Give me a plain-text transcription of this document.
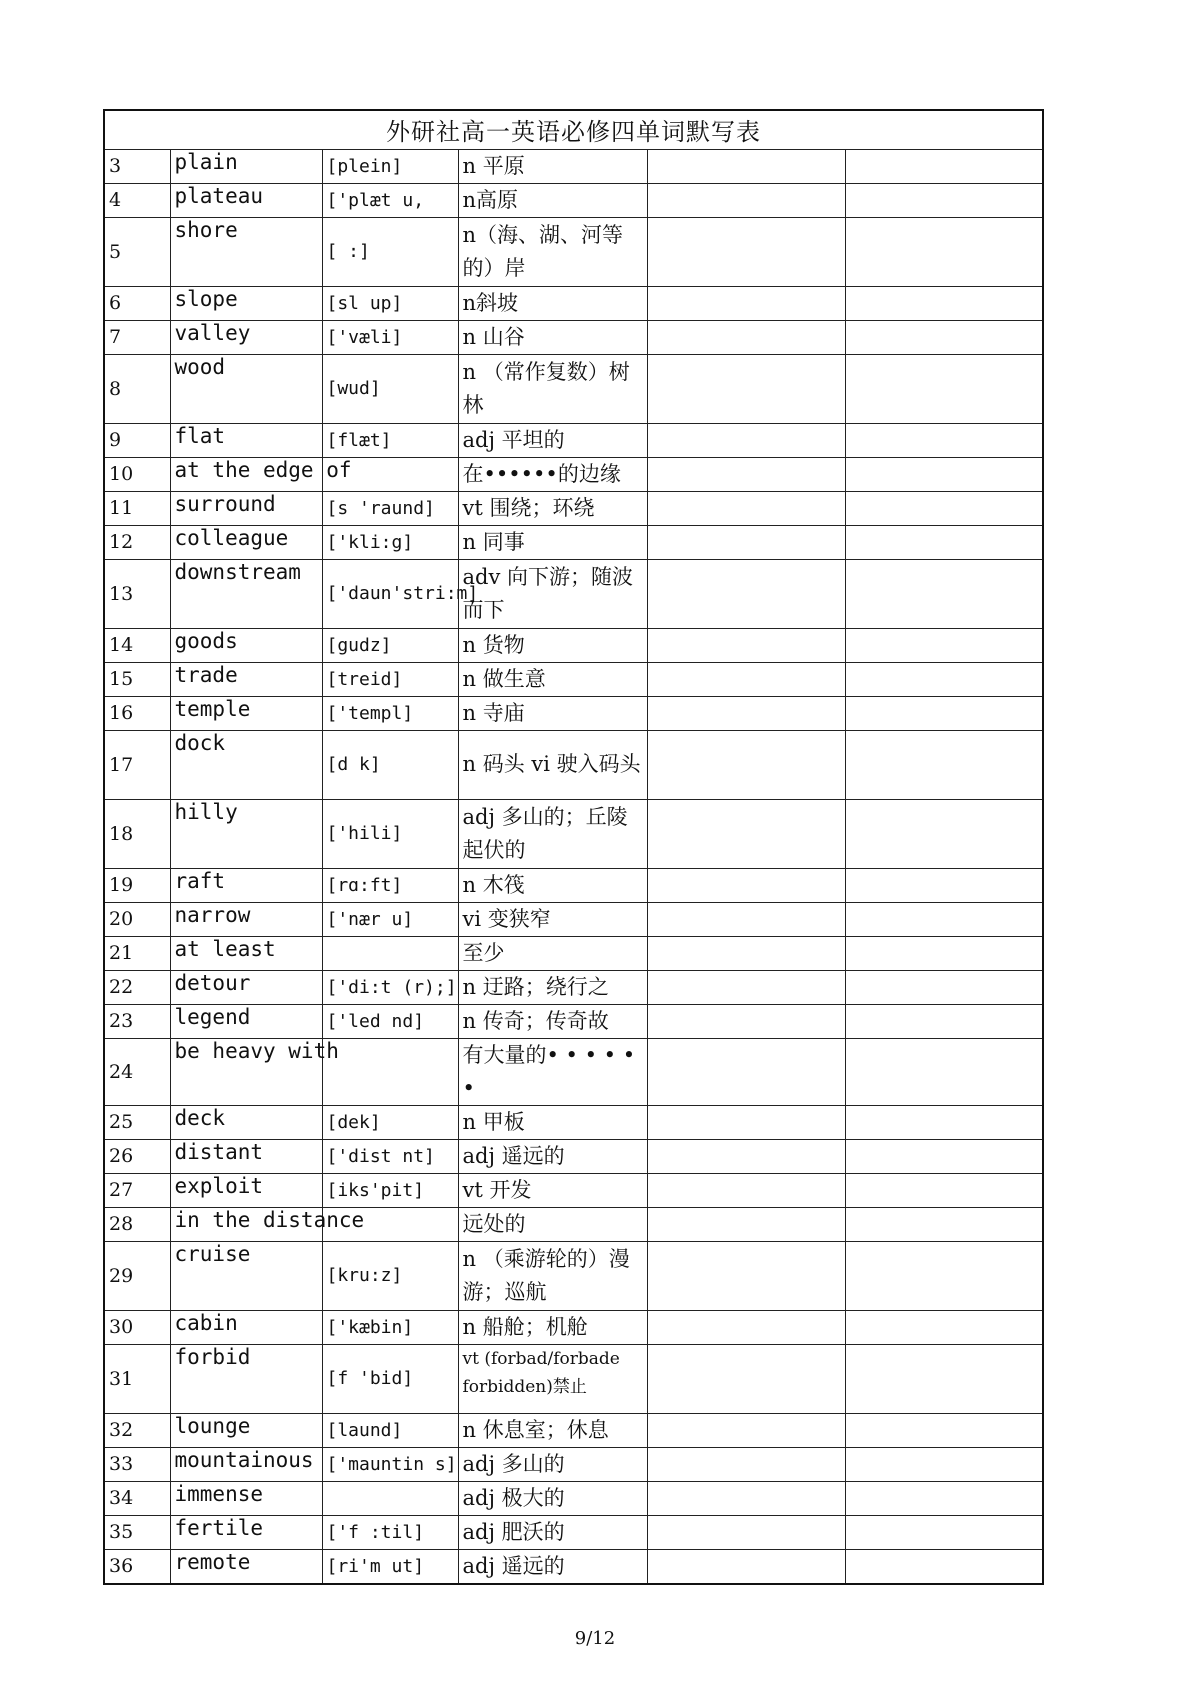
外研社高一英语必修四单词默写表					
3	plain	[plein]	n 平原		
4	plateau	['plæt u,	n高原		
5	shore	[ :]	n（海、湖、河等的）岸		
6	slope	[sl up]	n斜坡		
7	valley	['væli]	n 山谷		
8	wood	[wud]	n （常作复数）树林		
9	flat	[flæt]	adj 平坦的		
10	at the edge of		在••••••的边缘		
11	surround	[s 'raund]	vt 围绕；环绕		
12	colleague	['kli:g]	n 同事		
13	downstream	['daun'stri:m]	adv 向下游；随波而下		
14	goods	[gudz]	n 货物		
15	trade	[treid]	n 做生意		
16	temple	['templ]	n 寺庙		
17	dock	[d k]	n 码头 vi 驶入码头		
18	hilly	['hili]	adj 多山的；丘陵起伏的		
19	raft	[rɑ:ft]	n 木筏		
20	narrow	['nær u]	vi 变狭窄		
21	at least		至少		
22	detour	['di:t (r);]	n 迂路；绕行之		
23	legend	['led nd]	n 传奇；传奇故		
24	be heavy with		有大量的• • • • • •		
25	deck	[dek]	n 甲板		
26	distant	['dist nt]	adj 遥远的		
27	exploit	[iks'pit]	vt 开发		
28	in the distance		远处的		
29	cruise	[kru:z]	n （乘游轮的）漫游；巡航		
30	cabin	['kæbin]	n 船舱；机舱		
31	forbid	[f 'bid]	vt (forbad/forbade forbidden)禁止		
32	lounge	[laund]	n 休息室；休息		
33	mountainous	['mauntin s]	adj 多山的		
34	immense		adj 极大的		
35	fertile	['f :til]	adj 肥沃的		
36	remote	[ri'm ut]	adj 遥远的		
9/12
